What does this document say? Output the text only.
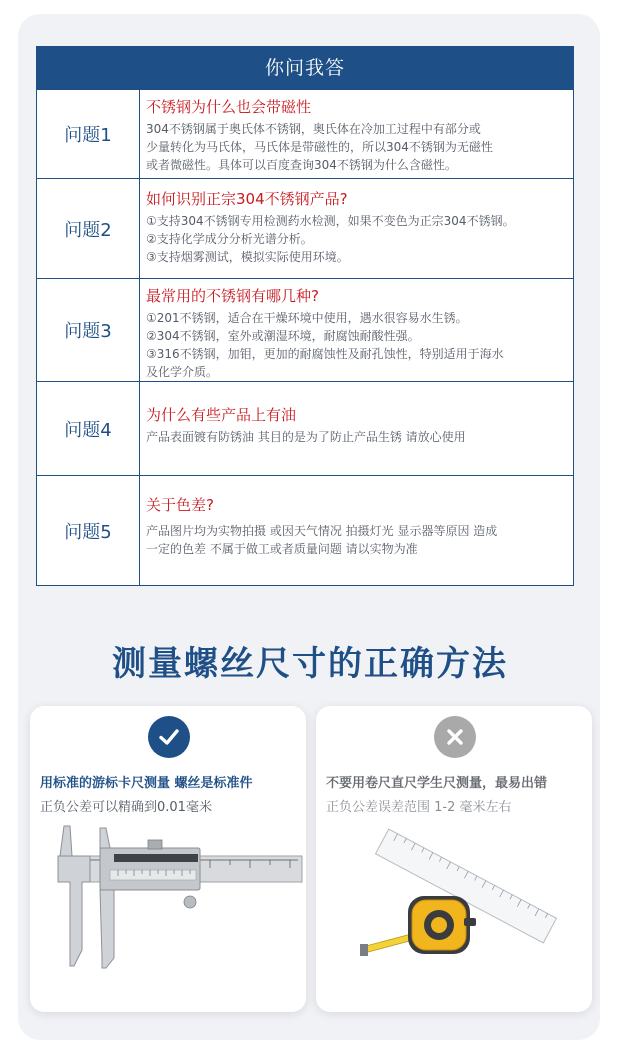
你问我答
问题1
不锈钢为什么也会带磁性
304不锈钢属于奥氏体不锈钢，奥氏体在冷加工过程中有部分或
少量转化为马氏体，马氏体是带磁性的，所以304不锈钢为无磁性
或者微磁性。具体可以百度查询304不锈钢为什么含磁性。
问题2
如何识别正宗304不锈钢产品?
①支持304不锈钢专用检测药水检测，如果不变色为正宗304不锈钢。
②支持化学成分分析光谱分析。
③支持烟雾测试，模拟实际使用环境。
问题3
最常用的不锈钢有哪几种?
①201不锈钢，适合在干燥环境中使用，遇水很容易水生锈。
②304不锈钢，室外或潮湿环境，耐腐蚀耐酸性强。
③316不锈钢，加钼，更加的耐腐蚀性及耐孔蚀性，特别适用于海水
及化学介质。
问题4
为什么有些产品上有油
产品表面镀有防锈油 其目的是为了防止产品生锈 请放心使用
问题5
关于色差?
产品图片均为实物拍摄 或因天气情况 拍摄灯光 显示器等原因 造成
一定的色差 不属于做工或者质量问题 请以实物为准
测量螺丝尺寸的正确方法
用标准的游标卡尺测量 螺丝是标准件
正负公差可以精确到0.01毫米
不要用卷尺直尺学生尺测量，最易出错
正负公差误差范围 1-2 毫米左右
